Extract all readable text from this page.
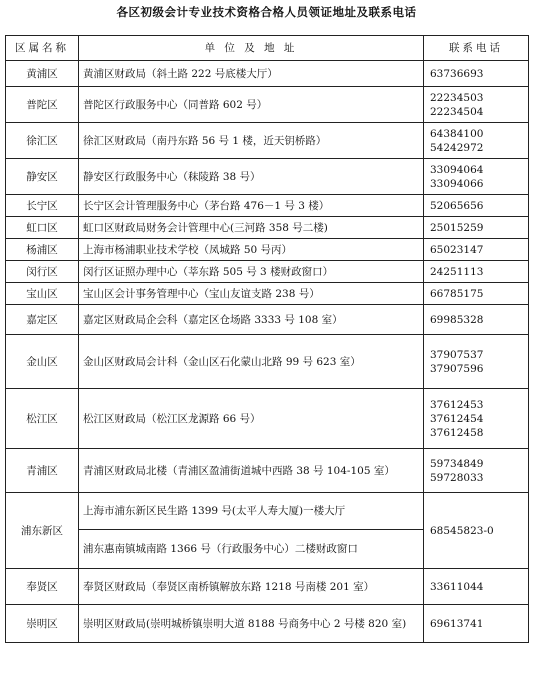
各区初级会计专业技术资格合格人员领证地址及联系电话
区属名称	单 位 及 地 址	联系电话
黄浦区	黄浦区财政局（斜土路 222 号底楼大厅）	63736693

普陀区	普陀区行政服务中心（同普路 602 号）	22234503
22234504

徐汇区	徐汇区财政局（南丹东路 56 号 1 楼，近天钥桥路）	64384100
54242972

静安区	静安区行政服务中心（秣陵路 38 号）	33094064
33094066

长宁区	长宁区会计管理服务中心（茅台路 476－1 号 3 楼）	52065656

虹口区	虹口区财政局财务会计管理中心(三河路 358 号二楼)	25015259

杨浦区	上海市杨浦职业技术学校（凤城路 50 号丙）	65023147

闵行区	闵行区证照办理中心（莘东路 505 号 3 楼财政窗口）	24251113

宝山区	宝山区会计事务管理中心（宝山友谊支路 238 号）	66785175

嘉定区	嘉定区财政局企会科（嘉定区仓场路 3333 号 108 室）	69985328

金山区	金山区财政局会计科（金山区石化蒙山北路 99 号 623 室）	37907537
37907596

松江区	松江区财政局（松江区龙源路 66 号）	37612453
37612454
37612458

青浦区	青浦区财政局北楼（青浦区盈浦街道城中西路 38 号 104-105 室）	59734849
59728033

浦东新区	上海市浦东新区民生路 1399 号(太平人寿大厦)一楼大厅	68545823-0

	浦东惠南镇城南路 1366 号（行政服务中心）二楼财政窗口	
奉贤区	奉贤区财政局（奉贤区南桥镇解放东路 1218 号南楼 201 室）	33611044

崇明区	崇明区财政局(崇明城桥镇崇明大道 8188 号商务中心 2 号楼 820 室)	69613741
